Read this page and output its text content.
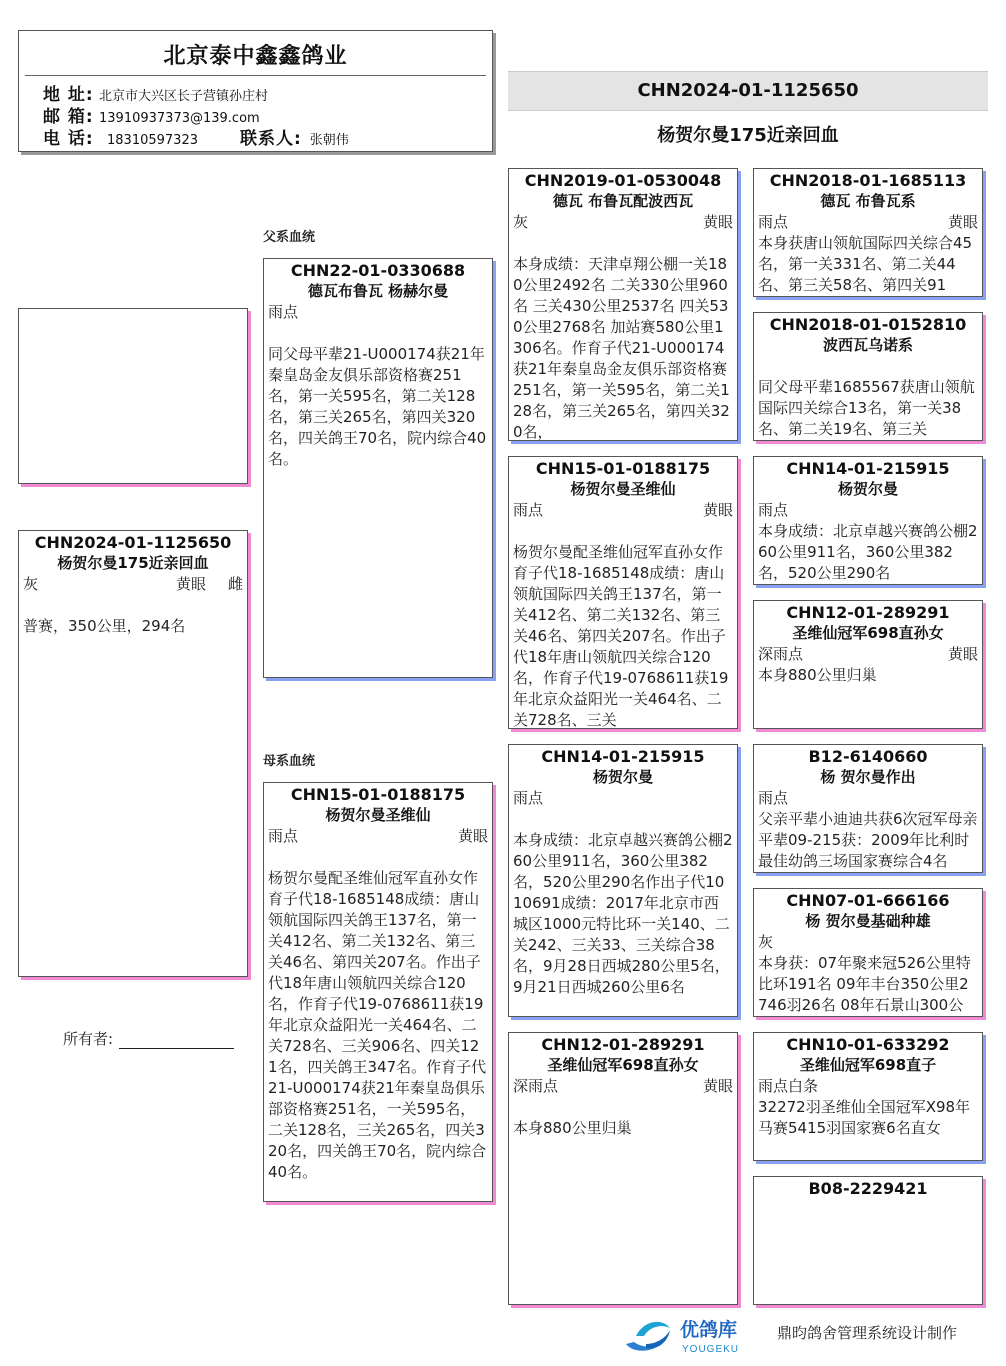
北京泰中鑫鑫鸽业
地 址: 北京市大兴区长子营镇孙庄村
邮 箱: 13910937373@139.com
电 话: 18310597323 联系人: 张朝伟
CHN2024-01-1125650
杨贺尔曼175近亲回血
CHN2024-01-1125650
杨贺尔曼175近亲回血
灰	黄眼 雌
普赛，350公里，294名
所有者:
父系血统
CHN22-01-0330688
德瓦布鲁瓦 杨赫尔曼
雨点
同父母平辈21-U000174获21年秦皇岛金友俱乐部资格赛251名，第一关595名，第二关128名，第三关265名，第四关320名，四关鸽王70名，院内综合40名。
母系血统
CHN15-01-0188175
杨贺尔曼圣维仙
雨点	黄眼
杨贺尔曼配圣维仙冠军直孙女作育子代18-1685148成绩：唐山领航国际四关鸽王137名，第一关412名、第二关132名、第三关46名、第四关207名。作出子代18年唐山领航四关综合120名，作育子代19-0768611获19年北京众益阳光一关464名、二关728名、三关906名、四关121名，四关鸽王347名。作育子代21-U000174获21年秦皇岛俱乐部资格赛251名，一关595名，二关128名，三关265名，四关320名，四关鸽王70名，院内综合40名。
CHN2019-01-0530048
德瓦 布鲁瓦配波西瓦
灰	黄眼
本身成绩：天津卓翔公棚一关180公里2492名 二关330公里960名 三关430公里2537名 四关530公里2768名 加站赛580公里1306名。作育子代21-U000174获21年秦皇岛金友俱乐部资格赛251名，第一关595名，第二关128名，第三关265名，第四关320名，
CHN15-01-0188175
杨贺尔曼圣维仙
雨点	黄眼
杨贺尔曼配圣维仙冠军直孙女作育子代18-1685148成绩：唐山领航国际四关鸽王137名，第一关412名、第二关132名、第三关46名、第四关207名。作出子代18年唐山领航四关综合120名，作育子代19-0768611获19年北京众益阳光一关464名、二关728名、三关
CHN14-01-215915
杨贺尔曼
雨点
本身成绩：北京卓越兴赛鸽公棚260公里911名，360公里382名，520公里290名作出子代1010691成绩：2017年北京市西城区1000元特比环一关140、二关242、三关33、三关综合38名，9月28日西城280公里5名，9月21日西城260公里6名
CHN12-01-289291
圣维仙冠军698直孙女
深雨点	黄眼
本身880公里归巢
CHN2018-01-1685113
德瓦 布鲁瓦系
雨点	黄眼
本身获唐山领航国际四关综合45名，第一关331名、第二关44名、第三关58名、第四关91
CHN2018-01-0152810
波西瓦乌诺系
同父母平辈1685567获唐山领航国际四关综合13名，第一关38名、第二关19名、第三关
CHN14-01-215915
杨贺尔曼
雨点
本身成绩：北京卓越兴赛鸽公棚260公里911名，360公里382名，520公里290名
CHN12-01-289291
圣维仙冠军698直孙女
深雨点	黄眼
本身880公里归巢
B12-6140660
杨 贺尔曼作出
雨点
父亲平辈小迪迪共获6次冠军母亲平辈09-215获：2009年比利时最佳幼鸽三场国家赛综合4名
CHN07-01-666166
杨 贺尔曼基础种雄
灰
本身获：07年聚来冠526公里特比环191名 09年丰台350公里2746羽26名 08年石景山300公
CHN10-01-633292
圣维仙冠军698直子
雨点白条
32272羽圣维仙全国冠军X98年马赛5415羽国家赛6名直女
B08-2229421
优鸽库
YOUGEKU
鼎昀鸽舍管理系统设计制作
